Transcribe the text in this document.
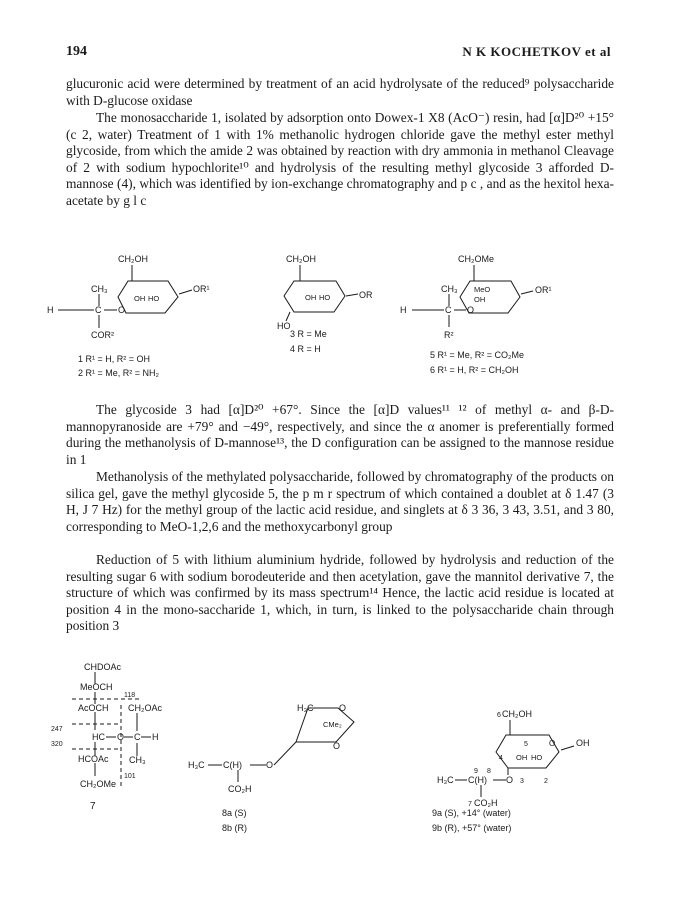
194	N K KOCHETKOV et al

glucuronic acid were determined by treatment of an acid hydrolysate of the reduced⁹ polysaccharide with D-glucose oxidase

The monosaccharide 1, isolated by adsorption onto Dowex-1 X8 (AcO⁻) resin, had [α]D²⁰ +15° (c 2, water) Treatment of 1 with 1% methanolic hydrogen chloride gave the methyl ester methyl glycoside, from which the amide 2 was obtained by reaction with dry ammonia in methanol Cleavage of 2 with sodium hypochlorite¹⁰ and hydrolysis of the resulting methyl glycoside 3 afforded D-mannose (4), which was identified by ion-exchange chromatography and p c , and as the hexitol hexa-acetate by g l c

CH₂OH
CH₃
OH HO
OR¹
H	C O
COR²
1 R¹ = H, R² = OH
2 R¹ = Me, R² = NH₂
CH₂OH
OH HO	OR
HO
3 R = Me
4 R = H
CH₂OMe
MeO
CH₃
OH
OR¹
H	C O
R²
5 R¹ = Me, R² = CO₂Me
6 R¹ = H, R² = CH₂OH
CHDOAc
MeOCH
AcOCH
HC O C H
CH₂OAc
CH₃
HCOAc
CH₂OMe
118
247
320
101
7
H₃C	O
CMe₂
O
H₃C C(H)	O
CO₂H
8a (S)
8b (R)
6 CH₂OH
5
4
O
OH HO
OH
9 8
H₃C C(H) O 3	2
7 CO₂H
9a (S), +14° (water)
9b (R), +57° (water)

The glycoside 3 had [α]D²⁰ +67°. Since the [α]D values¹¹ ¹² of methyl α- and β-D-mannopyranoside are +79° and −49°, respectively, and since the α anomer is preferentially formed during the methanolysis of D-mannose¹³, the D configuration can be assigned to the mannose residue in 1

Methanolysis of the methylated polysaccharide, followed by chromatography of the products on silica gel, gave the methyl glycoside 5, the p m r spectrum of which contained a doublet at δ 1.47 (3 H, J 7 Hz) for the methyl group of the lactic acid residue, and singlets at δ 3 36, 3 43, 3.51, and 3 80, corresponding to MeO-1,2,6 and the methoxycarbonyl group

Reduction of 5 with lithium aluminium hydride, followed by hydrolysis and reduction of the resulting sugar 6 with sodium borodeuteride and then acetylation, gave the mannitol derivative 7, the structure of which was confirmed by its mass spectrum¹⁴ Hence, the lactic acid residue is located at position 4 in the mono-saccharide 1, which, in turn, is linked to the polysaccharide chain through position 3
